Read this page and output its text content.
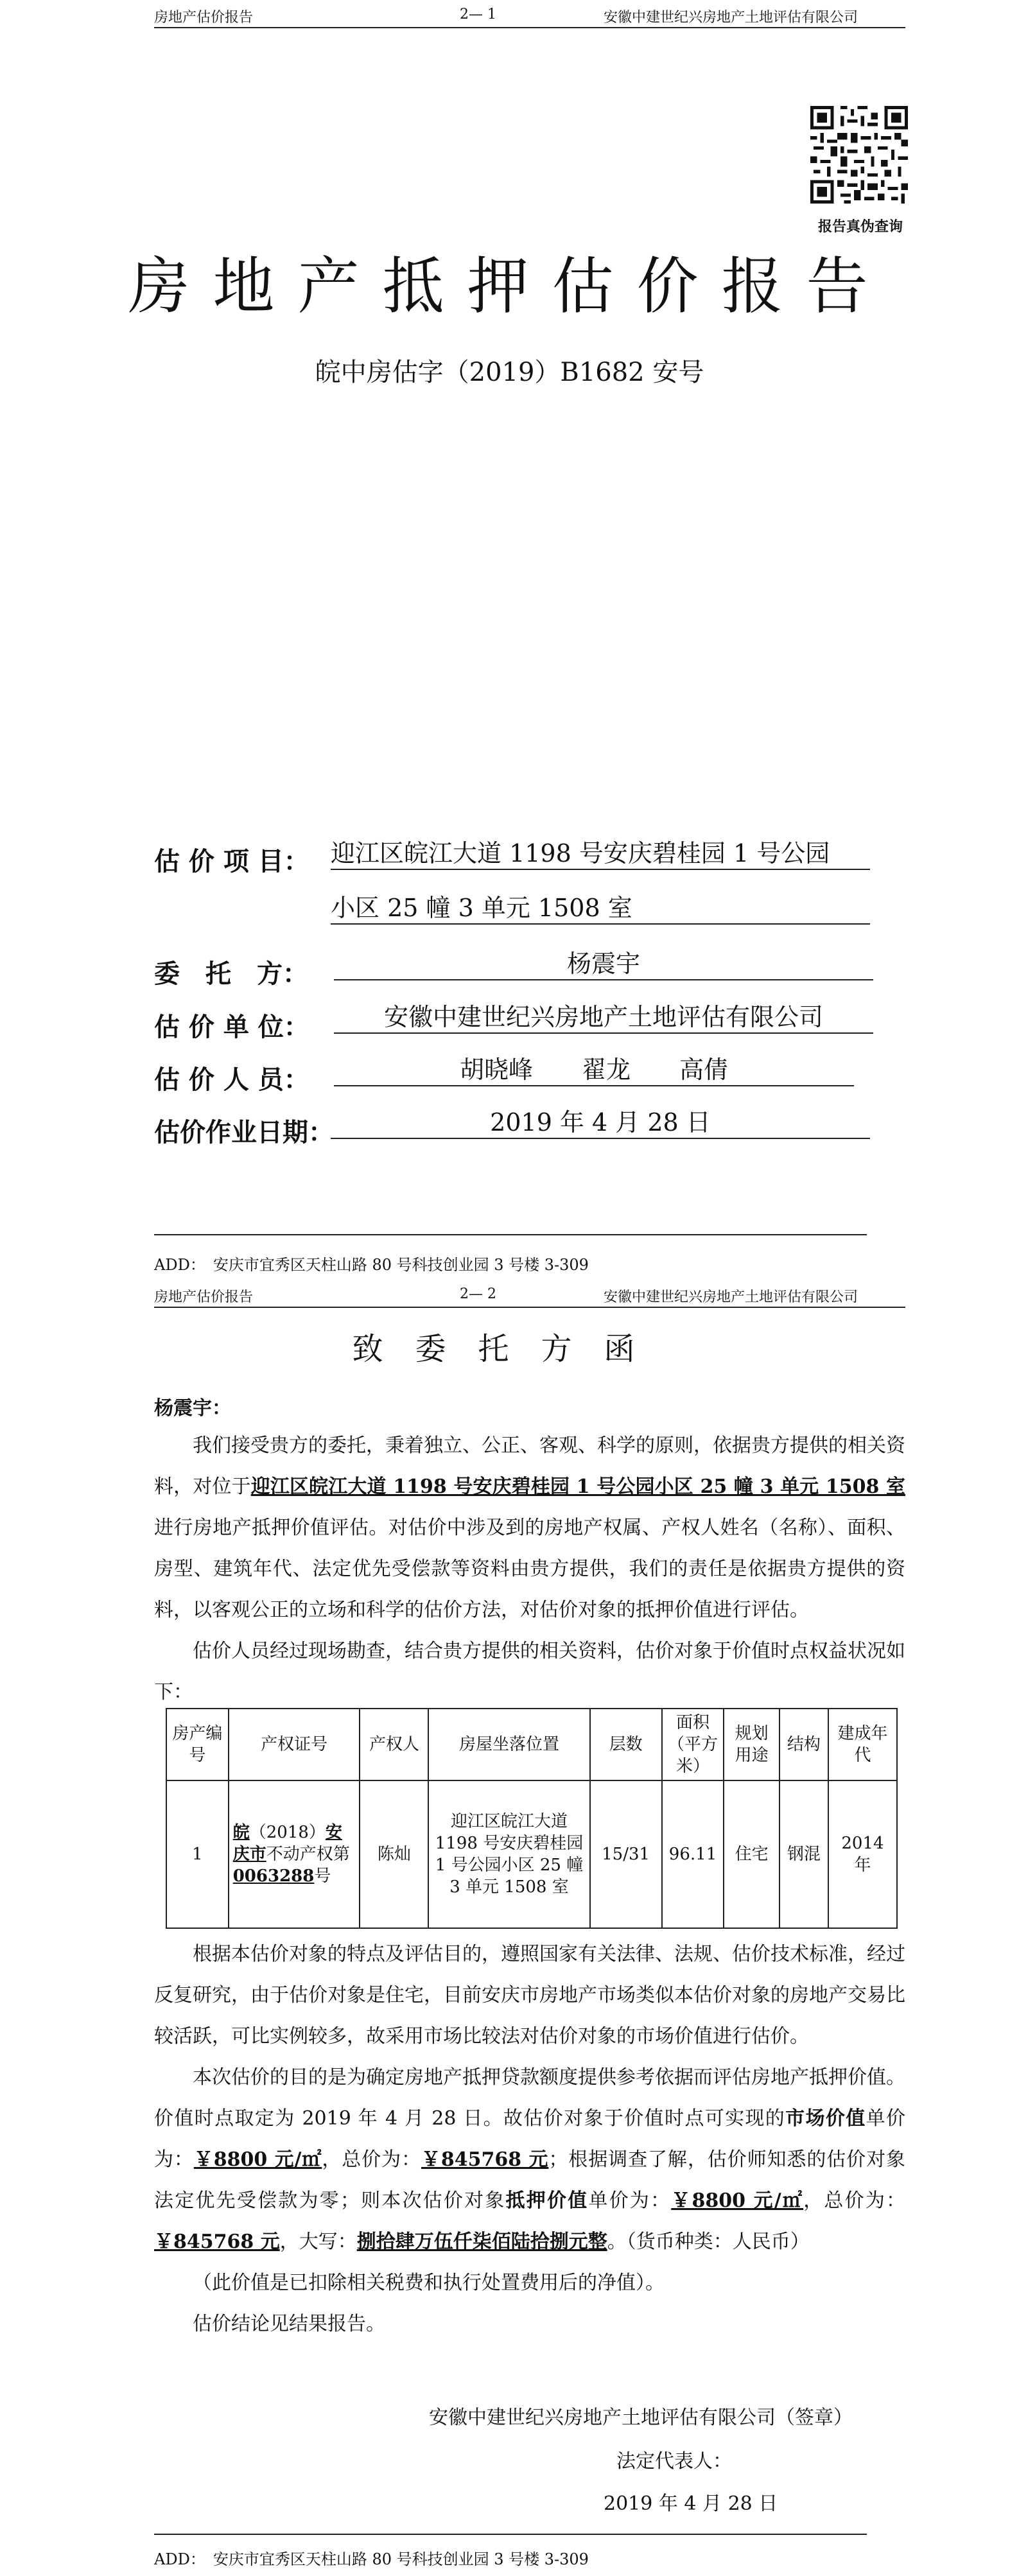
房地产估价报告	2— 1	安徽中建世纪兴房地产土地评估有限公司
报告真伪查询
房地产抵押估价报告
皖中房估字（2019）B1682 安号
估 价 项 目： 迎江区皖江大道 1198 号安庆碧桂园 1 号公园
小区 25 幢 3 单元 1508 室
委　托　方：	杨震宇
估 价 单 位：	安徽中建世纪兴房地产土地评估有限公司
估 价 人 员：	胡晓峰　　翟龙　　高倩
估价作业日期：	2019 年 4 月 28 日
ADD：　安庆市宜秀区天柱山路 80 号科技创业园 3 号楼 3-309
房地产估价报告	2— 2	安徽中建世纪兴房地产土地评估有限公司
致委托方函
杨震宇：
我们接受贵方的委托，秉着独立、公正、客观、科学的原则，依据贵方提供的相关资料，对位于迎江区皖江大道 1198 号安庆碧桂园 1 号公园小区 25 幢 3 单元 1508 室进行房地产抵押价值评估。对估价中涉及到的房地产权属、产权人姓名（名称）、面积、房型、建筑年代、法定优先受偿款等资料由贵方提供，我们的责任是依据贵方提供的资料，以客观公正的立场和科学的估价方法，对估价对象的抵押价值进行评估。
估价人员经过现场勘查，结合贵方提供的相关资料，估价对象于价值时点权益状况如下：
房产编号	产权证号	产权人	房屋坐落位置	层数	面积（平方米）	规划用途	结构	建成年代
1	皖（2018）安庆市不动产权第0063288号	陈灿	迎江区皖江大道 1198 号安庆碧桂园 1 号公园小区 25 幢 3 单元 1508 室	15/31	96.11	住宅	钢混	2014 年
根据本估价对象的特点及评估目的，遵照国家有关法律、法规、估价技术标准，经过反复研究，由于估价对象是住宅，目前安庆市房地产市场类似本估价对象的房地产交易比较活跃，可比实例较多，故采用市场比较法对估价对象的市场价值进行估价。
本次估价的目的是为确定房地产抵押贷款额度提供参考依据而评估房地产抵押价值。价值时点取定为 2019 年 4 月 28 日。故估价对象于价值时点可实现的市场价值单价为：￥8800 元/㎡，总价为：￥845768 元；根据调查了解，估价师知悉的估价对象法定优先受偿款为零；则本次估价对象抵押价值单价为：￥8800 元/㎡，总价为：￥845768 元，大写：捌拾肆万伍仟柒佰陆拾捌元整。（货币种类：人民币）
（此价值是已扣除相关税费和执行处置费用后的净值）。
估价结论见结果报告。
安徽中建世纪兴房地产土地评估有限公司（签章）
法定代表人：
2019 年 4 月 28 日
ADD：　安庆市宜秀区天柱山路 80 号科技创业园 3 号楼 3-309
